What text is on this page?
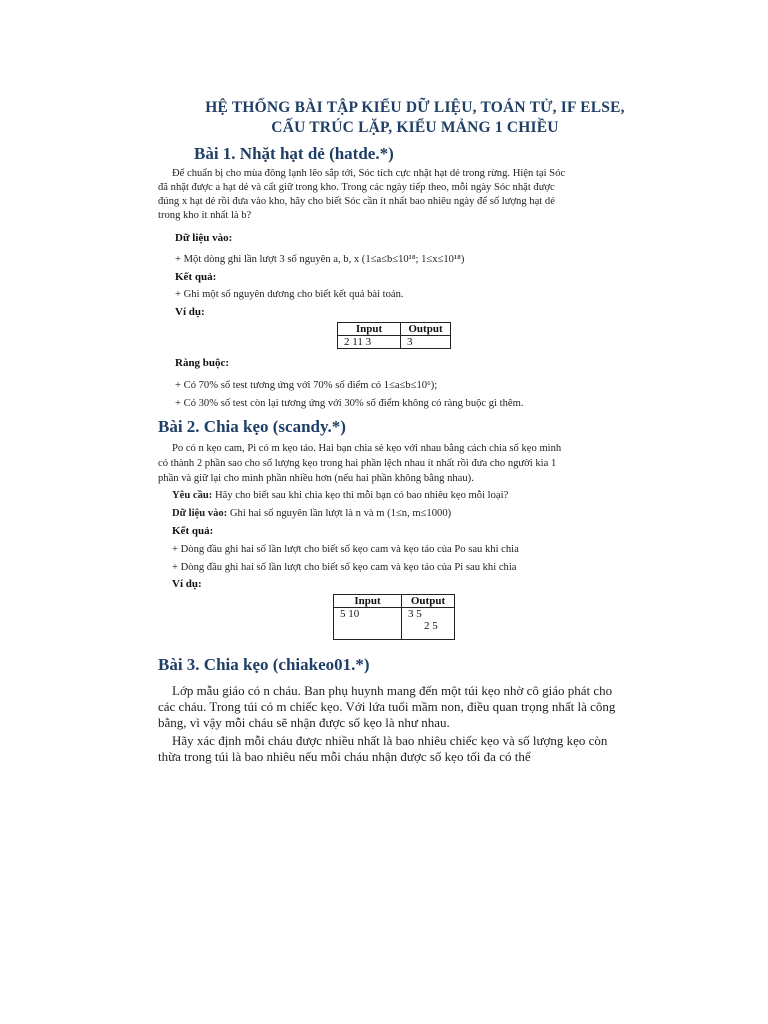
HỆ THỐNG BÀI TẬP KIỂU DỮ LIỆU, TOÁN TỬ, IF ELSE,
CẤU TRÚC LẶP, KIỂU MẢNG 1 CHIỀU
Bài 1. Nhặt hạt dẻ (hatde.*)
Để chuẩn bị cho mùa đông lạnh lẽo sắp tới, Sóc tích cực nhặt hạt dẻ trong rừng. Hiện tại Sóc
đã nhặt được a hạt dẻ và cất giữ trong kho. Trong các ngày tiếp theo, mỗi ngày Sóc nhặt được
đúng x hạt dẻ rồi đưa vào kho, hãy cho biết Sóc cần ít nhất bao nhiêu ngày để số lượng hạt dẻ
trong kho ít nhất là b?
Dữ liệu vào:
+ Một dòng ghi lần lượt 3 số nguyên a, b, x (1≤a≤b≤10¹⁸; 1≤x≤10¹⁸)
Kết quả:
+ Ghi một số nguyên dương cho biết kết quả bài toán.
Ví dụ:
Input	Output
2 11 3	3
Ràng buộc:
+ Có 70% số test tương ứng với 70% số điểm có 1≤a≤b≤10⁶);
+ Có 30% số test còn lại tương ứng với 30% số điểm không có ràng buộc gì thêm.
Bài 2. Chia kẹo (scandy.*)
Po có n kẹo cam, Pi có m kẹo táo. Hai bạn chia sẻ kẹo với nhau bằng cách chia số kẹo mình
có thành 2 phần sao cho số lượng kẹo trong hai phần lệch nhau ít nhất rồi đưa cho người kia 1
phần và giữ lại cho mình phần nhiều hơn (nếu hai phần không bằng nhau).
Yêu cầu: Hãy cho biết sau khi chia kẹo thì mỗi bạn có bao nhiêu kẹo mỗi loại?
Dữ liệu vào: Ghi hai số nguyên lần lượt là n và m (1≤n, m≤1000)
Kết quả:
+ Dòng đầu ghi hai số lần lượt cho biết số kẹo cam và kẹo táo của Po sau khi chia
+ Dòng đầu ghi hai số lần lượt cho biết số kẹo cam và kẹo táo của Pi sau khi chia
Ví dụ:
Input	Output
5 10	3 5
2 5
Bài 3. Chia kẹo (chiakeo01.*)
Lớp mẫu giáo có n cháu. Ban phụ huynh mang đến một túi kẹo nhờ cô giáo phát cho
các cháu. Trong túi có m chiếc kẹo. Với lứa tuổi mầm non, điều quan trọng nhất là công
bằng, vì vậy mỗi cháu sẽ nhận được số kẹo là như nhau.
Hãy xác định mỗi cháu được nhiều nhất là bao nhiêu chiếc kẹo và số lượng kẹo còn
thừa trong túi là bao nhiêu nếu mỗi cháu nhận được số kẹo tối đa có thể
